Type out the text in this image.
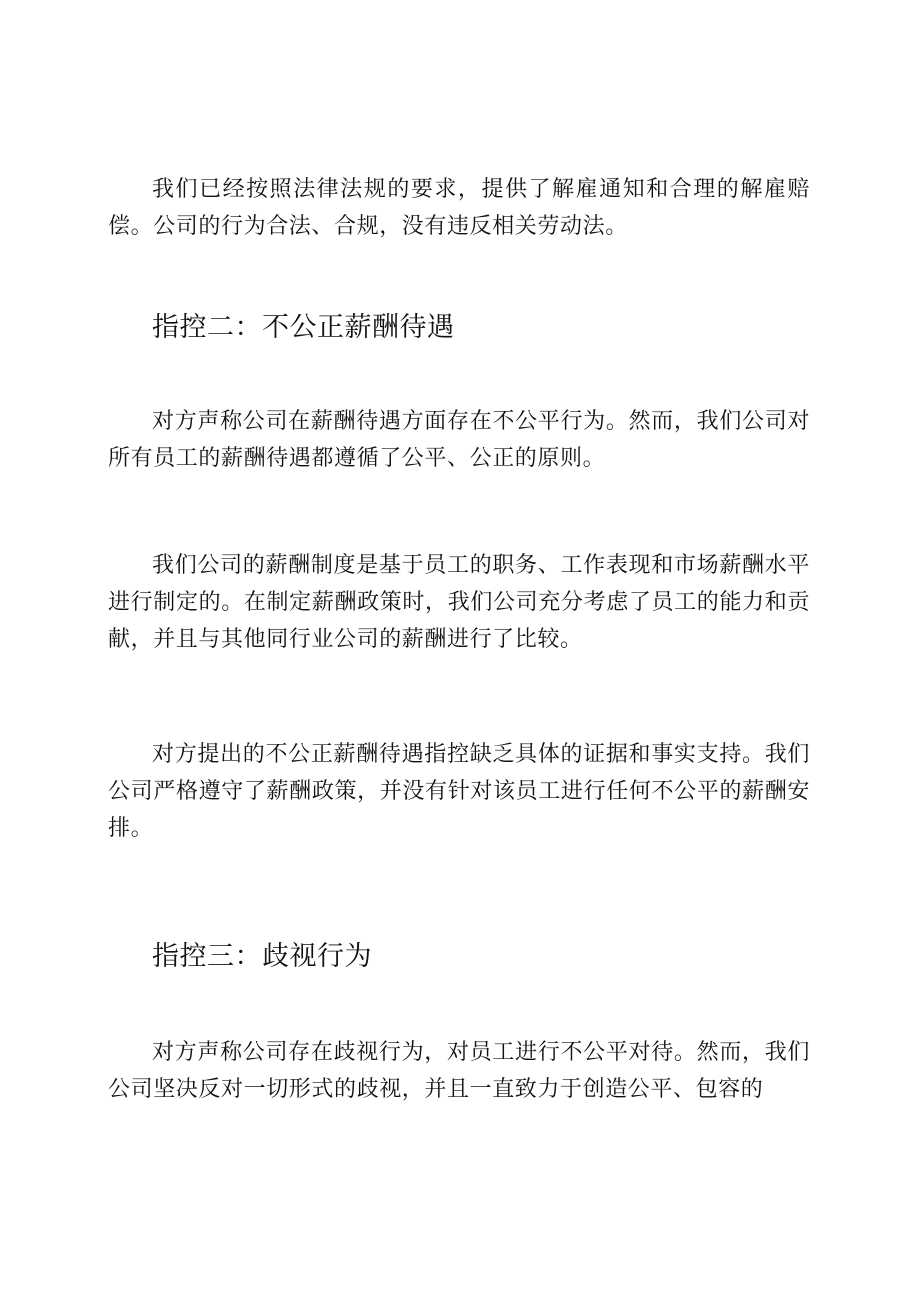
我们已经按照法律法规的要求，提供了解雇通知和合理的解雇赔偿。公司的行为合法、合规，没有违反相关劳动法。

指控二：不公正薪酬待遇

对方声称公司在薪酬待遇方面存在不公平行为。然而，我们公司对所有员工的薪酬待遇都遵循了公平、公正的原则。

我们公司的薪酬制度是基于员工的职务、工作表现和市场薪酬水平进行制定的。在制定薪酬政策时，我们公司充分考虑了员工的能力和贡献，并且与其他同行业公司的薪酬进行了比较。

对方提出的不公正薪酬待遇指控缺乏具体的证据和事实支持。我们公司严格遵守了薪酬政策，并没有针对该员工进行任何不公平的薪酬安排。

指控三：歧视行为

对方声称公司存在歧视行为，对员工进行不公平对待。然而，我们公司坚决反对一切形式的歧视，并且一直致力于创造公平、包容的
